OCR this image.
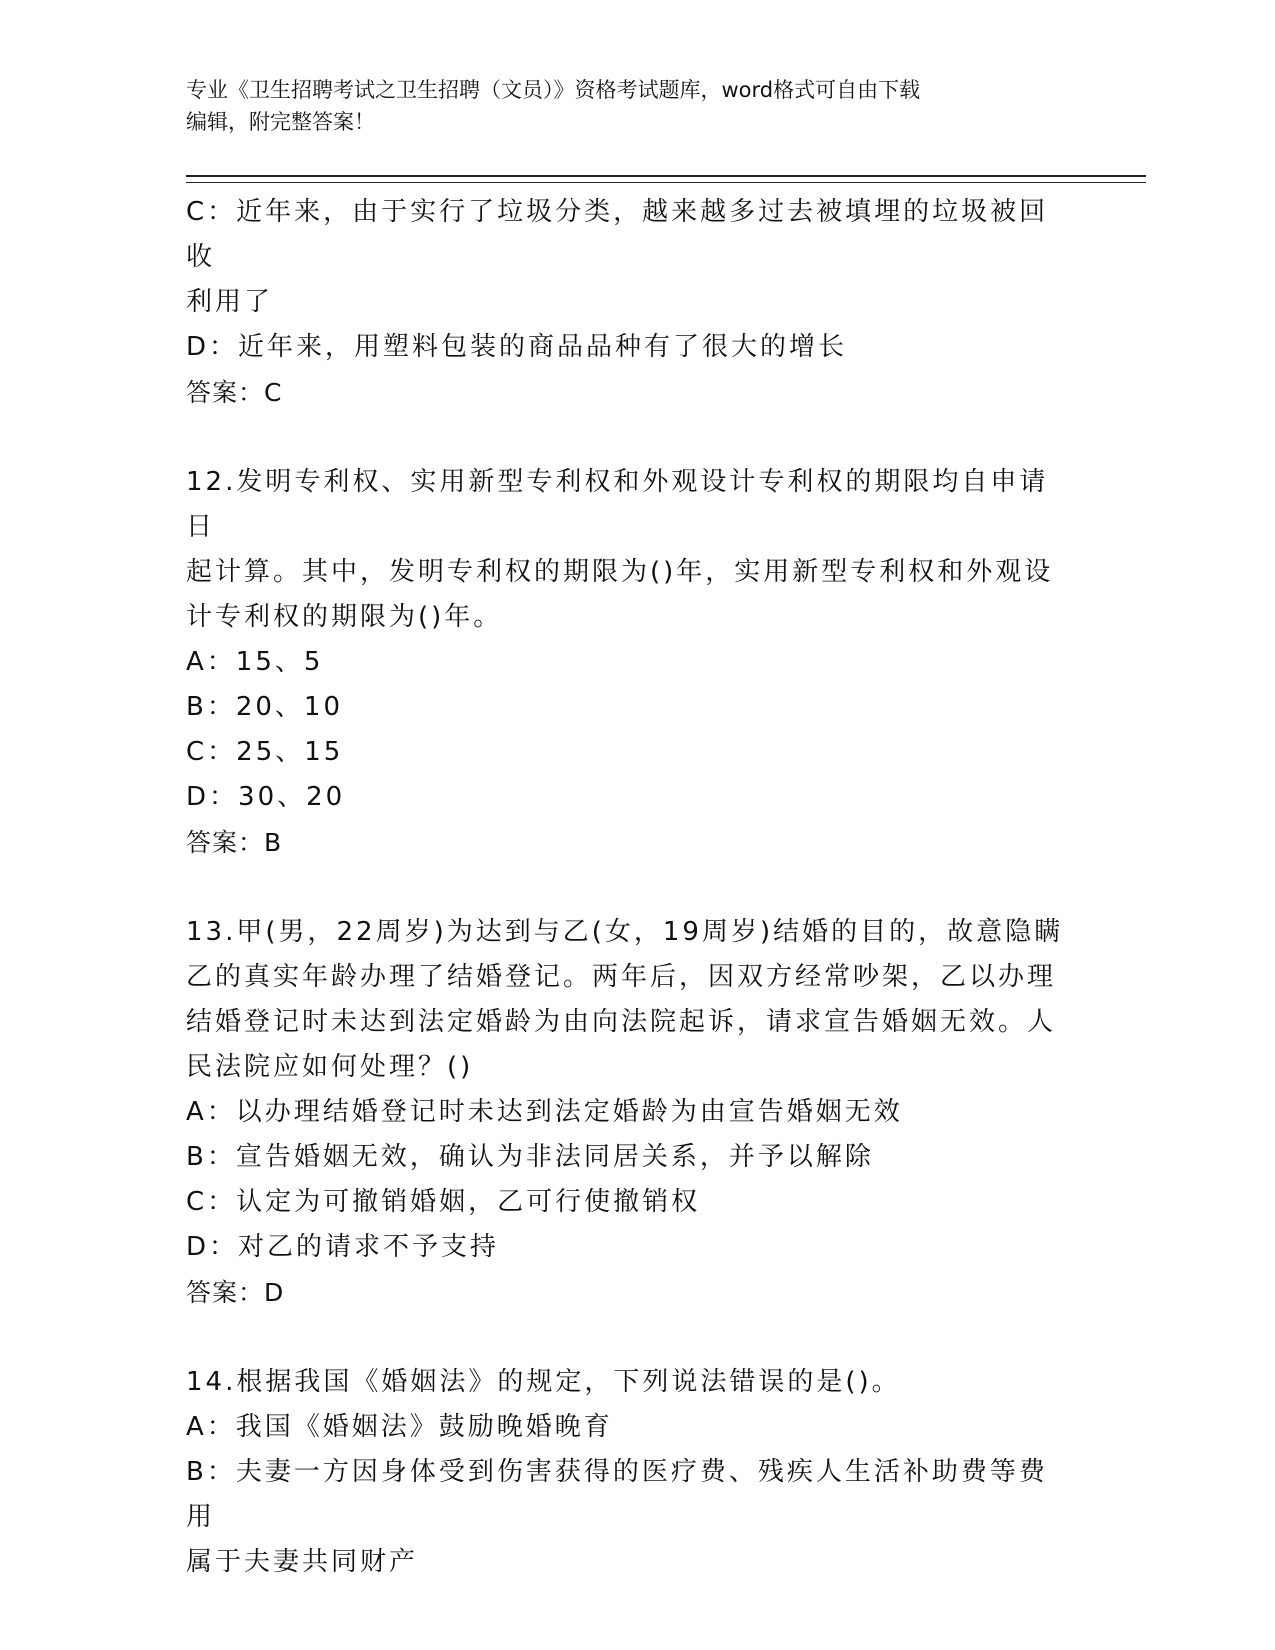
专业《卫生招聘考试之卫生招聘（文员）》资格考试题库，word格式可自由下载
编辑，附完整答案！

C：近年来，由于实行了垃圾分类，越来越多过去被填埋的垃圾被回收

利用了

D：近年来，用塑料包装的商品品种有了很大的增长

答案：C

12.发明专利权、实用新型专利权和外观设计专利权的期限均自申请日

起计算。其中，发明专利权的期限为()年，实用新型专利权和外观设

计专利权的期限为()年。

A：15、5

B：20、10

C：25、15

D：30、20

答案：B

13.甲(男，22周岁)为达到与乙(女，19周岁)结婚的目的，故意隐瞒

乙的真实年龄办理了结婚登记。两年后，因双方经常吵架，乙以办理

结婚登记时未达到法定婚龄为由向法院起诉，请求宣告婚姻无效。人

民法院应如何处理？()

A：以办理结婚登记时未达到法定婚龄为由宣告婚姻无效

B：宣告婚姻无效，确认为非法同居关系，并予以解除

C：认定为可撤销婚姻，乙可行使撤销权

D：对乙的请求不予支持

答案：D

14.根据我国《婚姻法》的规定，下列说法错误的是()。

A：我国《婚姻法》鼓励晚婚晚育

B：夫妻一方因身体受到伤害获得的医疗费、残疾人生活补助费等费用

属于夫妻共同财产
